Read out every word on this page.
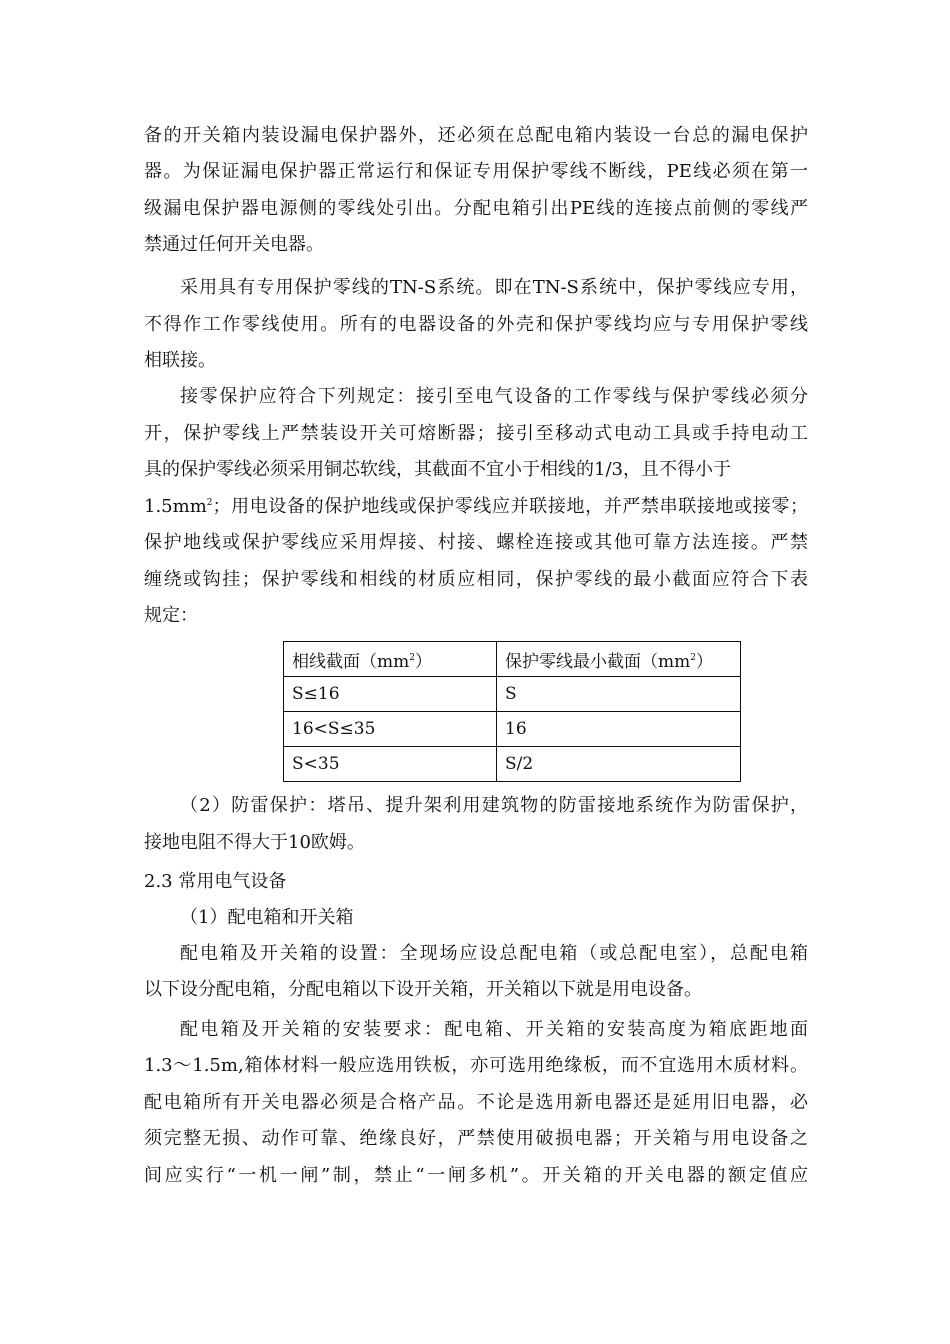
备的开关箱内装设漏电保护器外，还必须在总配电箱内装设一台总的漏电保护
器。为保证漏电保护器正常运行和保证专用保护零线不断线，PE线必须在第一
级漏电保护器电源侧的零线处引出。分配电箱引出PE线的连接点前侧的零线严
禁通过任何开关电器。
采用具有专用保护零线的TN-S系统。即在TN-S系统中，保护零线应专用，
不得作工作零线使用。所有的电器设备的外壳和保护零线均应与专用保护零线
相联接。
接零保护应符合下列规定：接引至电气设备的工作零线与保护零线必须分
开，保护零线上严禁装设开关可熔断器；接引至移动式电动工具或手持电动工
具的保护零线必须采用铜芯软线，其截面不宜小于相线的1/3，且不得小于
$1.5mm^2$；用电设备的保护地线或保护零线应并联接地，并严禁串联接地或接零；
保护地线或保护零线应采用焊接、村接、螺栓连接或其他可靠方法连接。严禁
缠绕或钩挂；保护零线和相线的材质应相同，保护零线的最小截面应符合下表
规定：
相线截面$(mm^2)$	保护零线最小截面$(mm^2)$
S≤16	S
16<S≤35	16
S<35	S/2
（2）防雷保护：塔吊、提升架利用建筑物的防雷接地系统作为防雷保护，
接地电阻不得大于10欧姆。
2.3 常用电气设备
（1）配电箱和开关箱
配电箱及开关箱的设置：全现场应设总配电箱（或总配电室），总配电箱
以下设分配电箱，分配电箱以下设开关箱，开关箱以下就是用电设备。
配电箱及开关箱的安装要求：配电箱、开关箱的安装高度为箱底距地面
1.3～1.5m,箱体材料一般应选用铁板，亦可选用绝缘板，而不宜选用木质材料。
配电箱所有开关电器必须是合格产品。不论是选用新电器还是延用旧电器，必
须完整无损、动作可靠、绝缘良好，严禁使用破损电器；开关箱与用电设备之
间应实行“一机一闸”制，禁止“一闸多机”。开关箱的开关电器的额定值应
